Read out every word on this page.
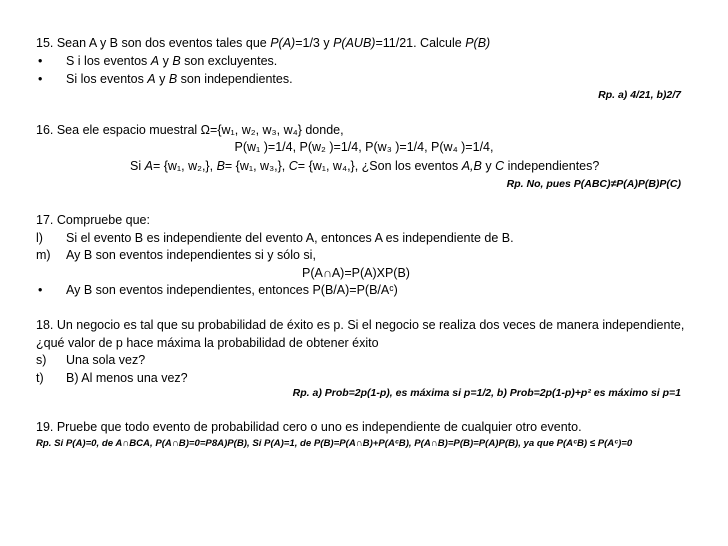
15. Sean A y B son dos eventos tales que P(A)=1/3 y P(AUB)=11/21. Calcule P(B)
• S i los eventos A y B son excluyentes.
• Si los eventos A y B son independientes.
Rp. a) 4/21, b)2/7
16. Sea ele espacio muestral Ω={w₁, w₂, w₃, w₄} donde,
P(w₁ )=1/4, P(w₂ )=1/4, P(w₃ )=1/4, P(w₄ )=1/4,
Si A= {w₁, w₂,}, B= {w₁, w₃,}, C= {w₁, w₄,}, ¿Son los eventos A,B y C independientes?
Rp. No, pues P(ABC)≠P(A)P(B)P(C)
17. Compruebe que:
l) Si el evento B es independiente del evento A, entonces A es independiente de B.
m) Ay B son eventos independientes si y sólo si,
P(A∩A)=P(A)XP(B)
• Ay B son eventos independientes, entonces P(B/A)=P(B/Aᶜ)
18. Un negocio es tal que su probabilidad de éxito es p. Si el negocio se realiza dos veces de manera independiente,
¿qué valor de p hace máxima la probabilidad de obtener éxito
s) Una sola vez?
t) B) Al menos una vez?
Rp. a) Prob=2p(1-p), es máxima si p=1/2, b) Prob=2p(1-p)+p² es máximo si p=1
19. Pruebe que todo evento de probabilidad cero o uno es independiente de cualquier otro evento.
Rp. Si P(A)=0, de A∩BCA, P(A∩B)=0=P8A)P(B), Si P(A)=1, de P(B)=P(A∩B)+P(AᶜB), P(A∩B)=P(B)=P(A)P(B), ya que P(AᶜB) ≤ P(Aᶜ)=0
